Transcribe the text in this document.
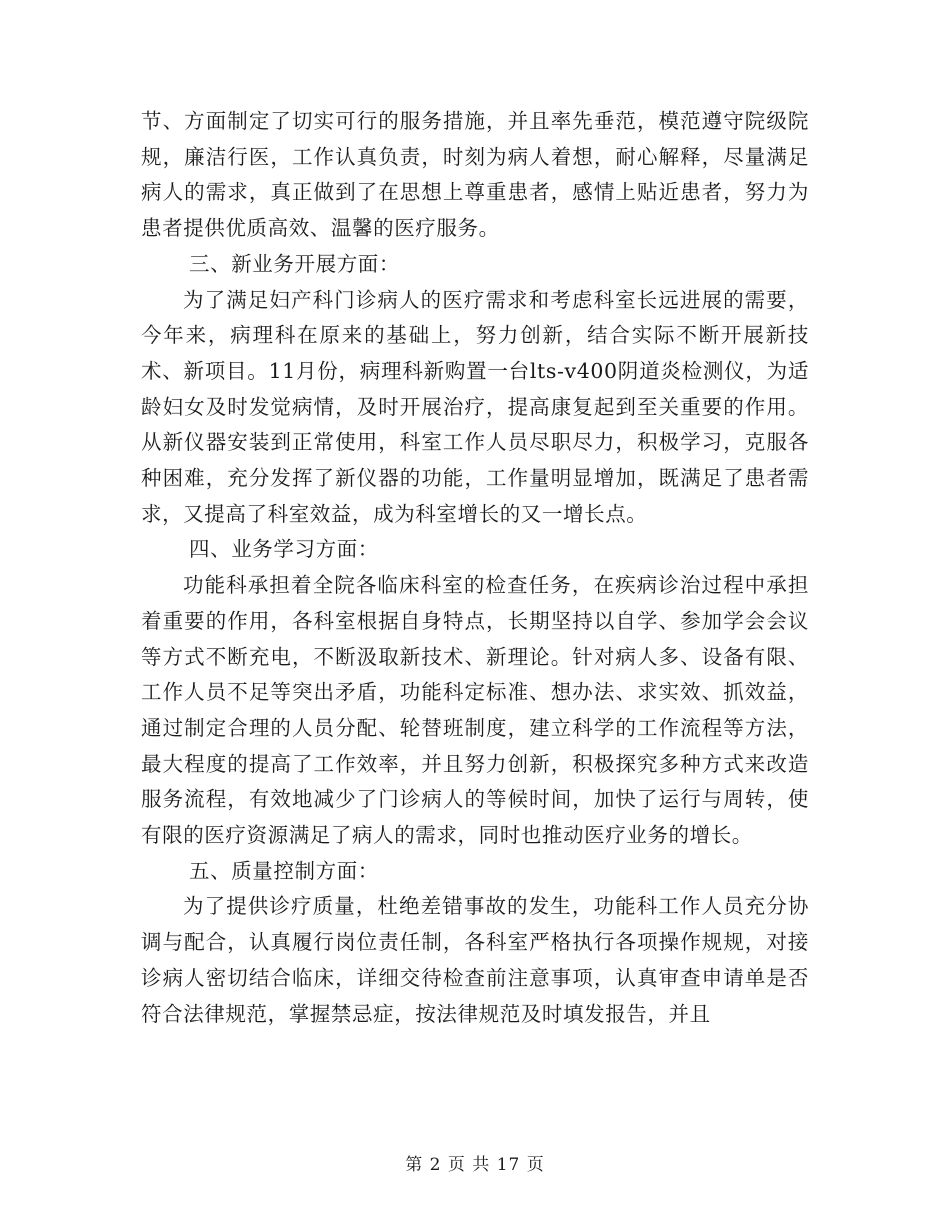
节、方面制定了切实可行的服务措施，并且率先垂范，模范遵守院级院规，廉洁行医，工作认真负责，时刻为病人着想，耐心解释，尽量满足病人的需求，真正做到了在思想上尊重患者，感情上贴近患者，努力为患者提供优质高效、温馨的医疗服务。

三、新业务开展方面：

为了满足妇产科门诊病人的医疗需求和考虑科室长远进展的需要，今年来，病理科在原来的基础上，努力创新，结合实际不断开展新技术、新项目。11月份，病理科新购置一台lts-v400阴道炎检测仪，为适龄妇女及时发觉病情，及时开展治疗，提高康复起到至关重要的作用。从新仪器安装到正常使用，科室工作人员尽职尽力，积极学习，克服各种困难，充分发挥了新仪器的功能，工作量明显增加，既满足了患者需求，又提高了科室效益，成为科室增长的又一增长点。

四、业务学习方面：

功能科承担着全院各临床科室的检查任务，在疾病诊治过程中承担着重要的作用，各科室根据自身特点，长期坚持以自学、参加学会会议等方式不断充电，不断汲取新技术、新理论。针对病人多、设备有限、工作人员不足等突出矛盾，功能科定标准、想办法、求实效、抓效益，通过制定合理的人员分配、轮替班制度，建立科学的工作流程等方法，最大程度的提高了工作效率，并且努力创新，积极探究多种方式来改造服务流程，有效地减少了门诊病人的等候时间，加快了运行与周转，使有限的医疗资源满足了病人的需求，同时也推动医疗业务的增长。

五、质量控制方面：

为了提供诊疗质量，杜绝差错事故的发生，功能科工作人员充分协调与配合，认真履行岗位责任制，各科室严格执行各项操作规规，对接诊病人密切结合临床，详细交待检查前注意事项，认真审查申请单是否符合法律规范，掌握禁忌症，按法律规范及时填发报告，并且

第 2 页 共 17 页
